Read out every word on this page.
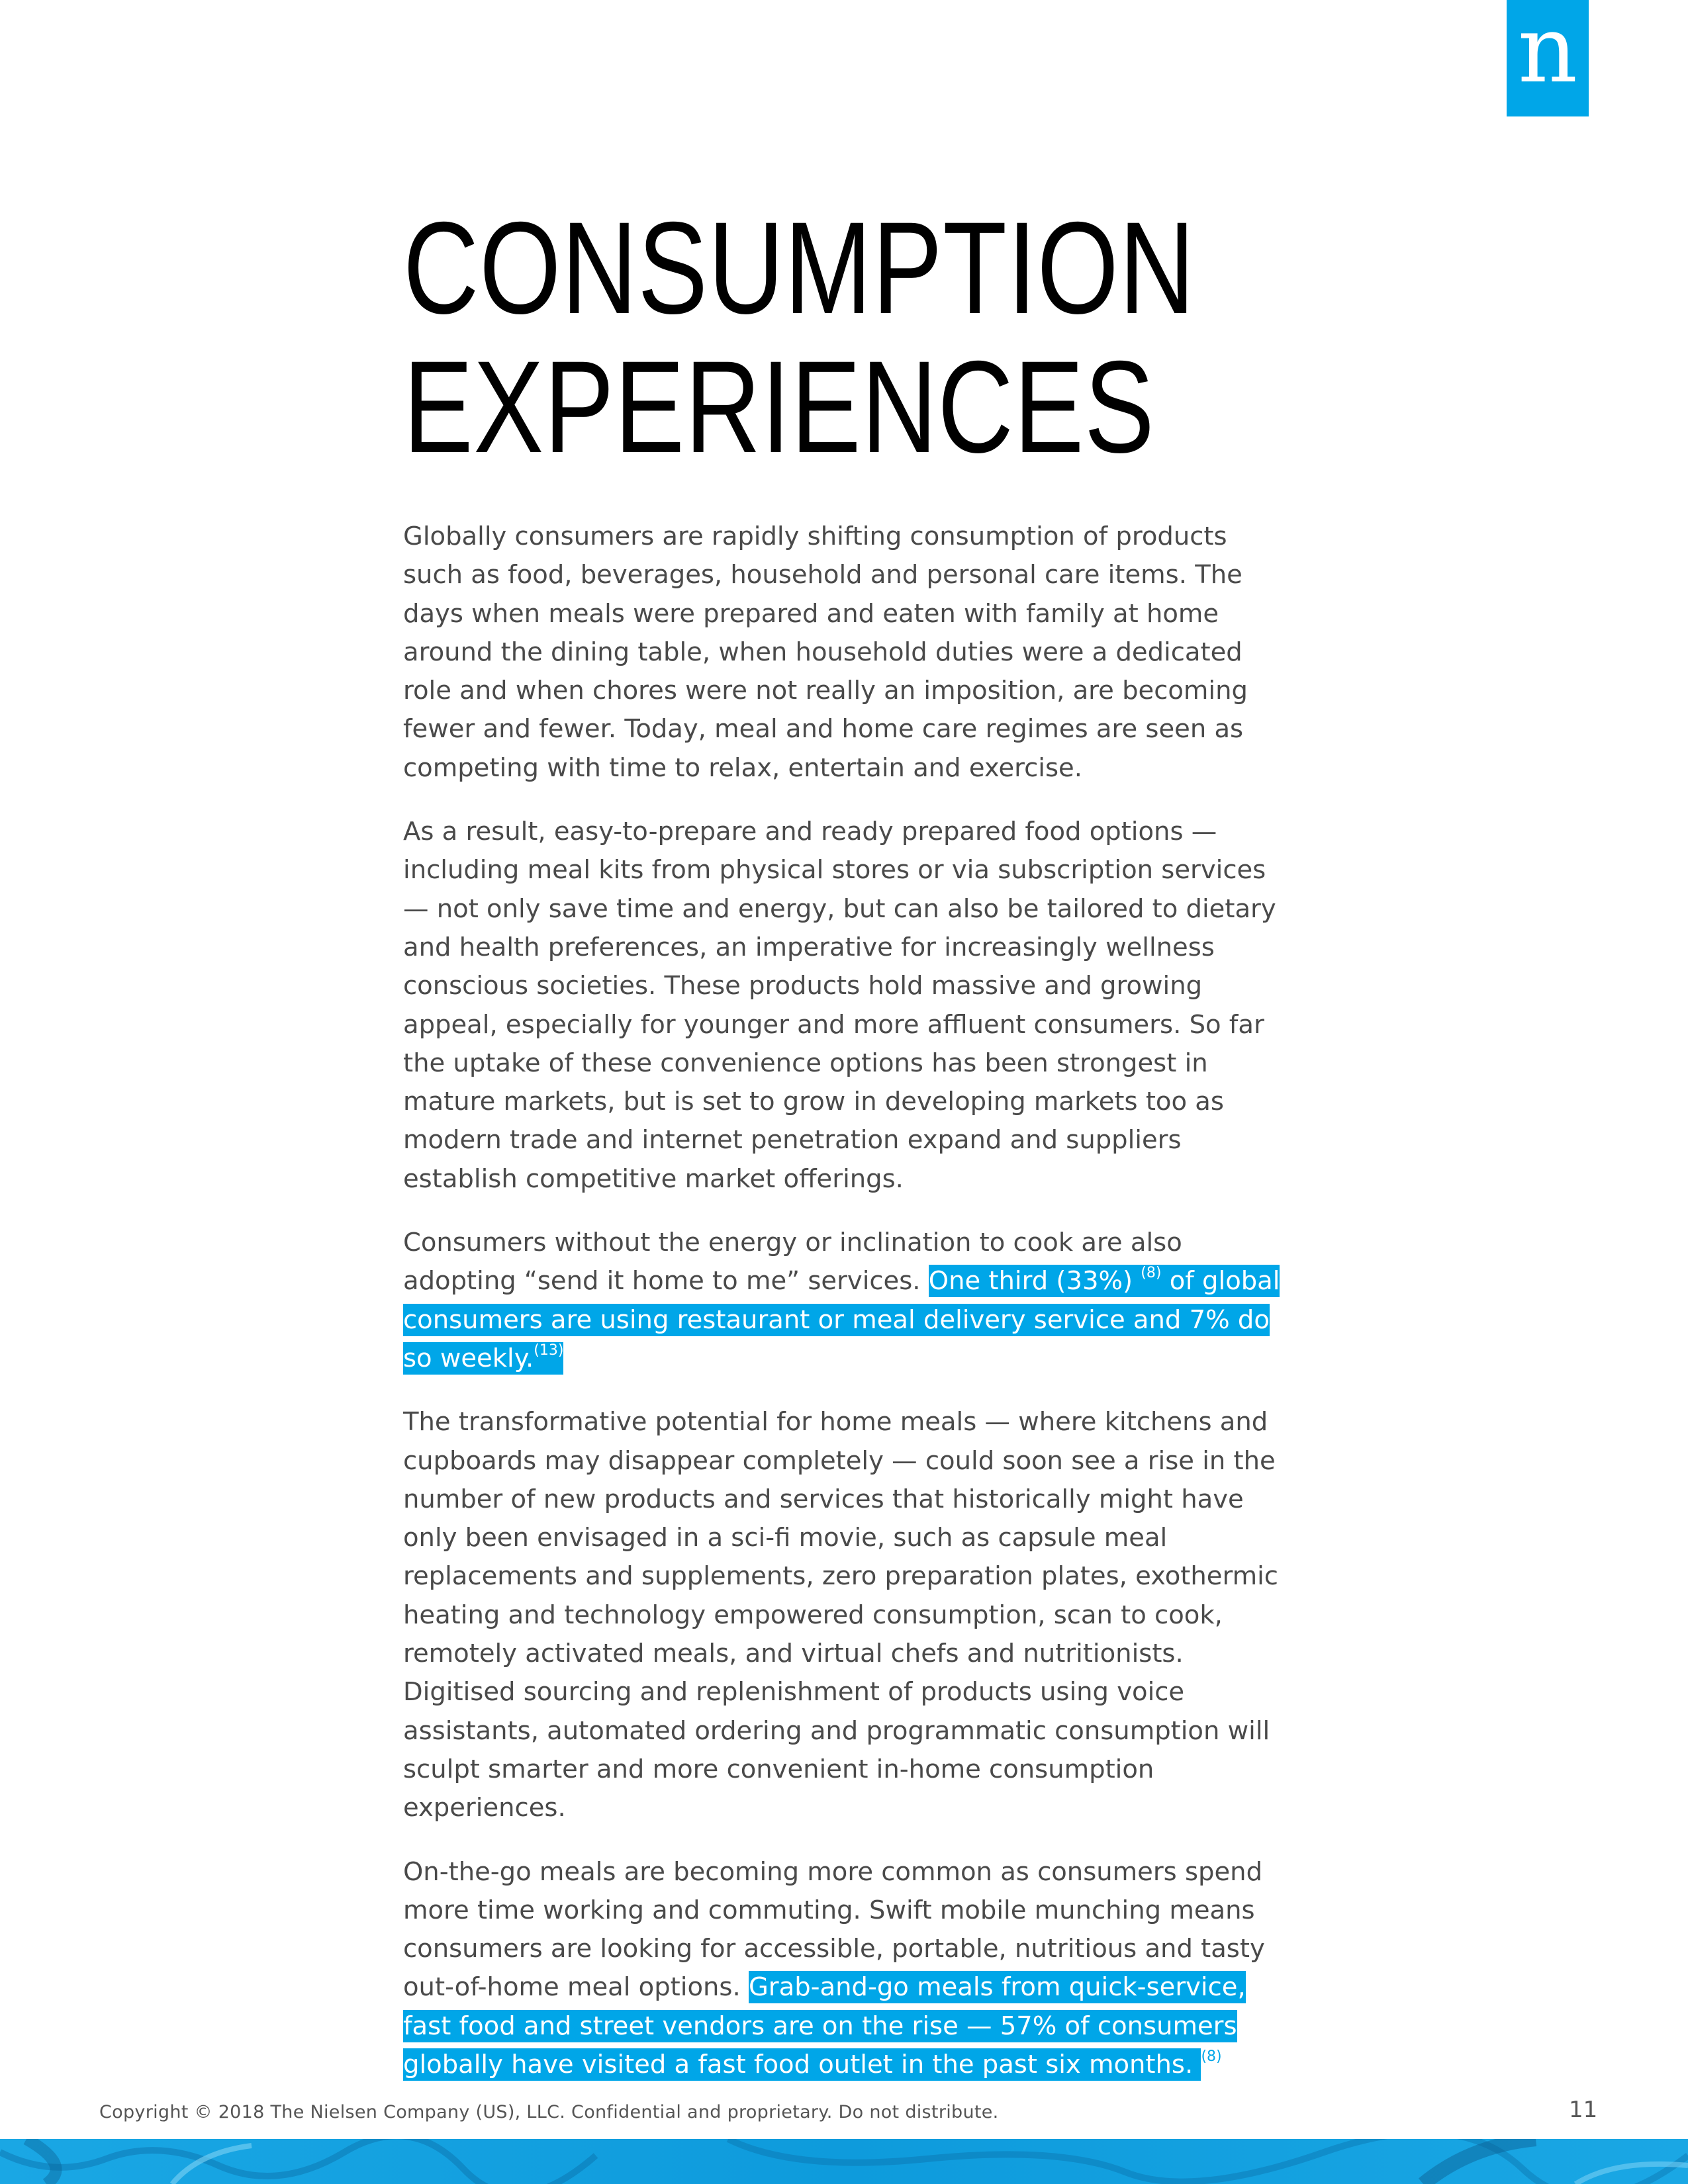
n
CONSUMPTION
EXPERIENCES

Globally consumers are rapidly shifting consumption of products such as food, beverages, household and personal care items. The days when meals were prepared and eaten with family at home around the dining table, when household duties were a dedicated role and when chores were not really an imposition, are becoming fewer and fewer. Today, meal and home care regimes are seen as competing with time to relax, entertain and exercise.

As a result, easy-to-prepare and ready prepared food options — including meal kits from physical stores or via subscription services — not only save time and energy, but can also be tailored to dietary and health preferences, an imperative for increasingly wellness conscious societies. These products hold massive and growing appeal, especially for younger and more affluent consumers. So far the uptake of these convenience options has been strongest in mature markets, but is set to grow in developing markets too as modern trade and internet penetration expand and suppliers establish competitive market offerings.

Consumers without the energy or inclination to cook are also adopting “send it home to me” services. One third (33%) $^{(8)}$ of global consumers are using restaurant or meal delivery service and 7% do so weekly.$^{(13)}$

The transformative potential for home meals — where kitchens and cupboards may disappear completely — could soon see a rise in the number of new products and services that historically might have only been envisaged in a sci-fi movie, such as capsule meal replacements and supplements, zero preparation plates, exothermic heating and technology empowered consumption, scan to cook, remotely activated meals, and virtual chefs and nutritionists. Digitised sourcing and replenishment of products using voice assistants, automated ordering and programmatic consumption will sculpt smarter and more convenient in-home consumption experiences.

On-the-go meals are becoming more common as consumers spend more time working and commuting. Swift mobile munching means consumers are looking for accessible, portable, nutritious and tasty out-of-home meal options. Grab-and-go meals from quick-service, fast food and street vendors are on the rise — 57% of consumers globally have visited a fast food outlet in the past six months. $^{(8)}$

Copyright © 2018 The Nielsen Company (US), LLC. Confidential and proprietary. Do not distribute.	11
